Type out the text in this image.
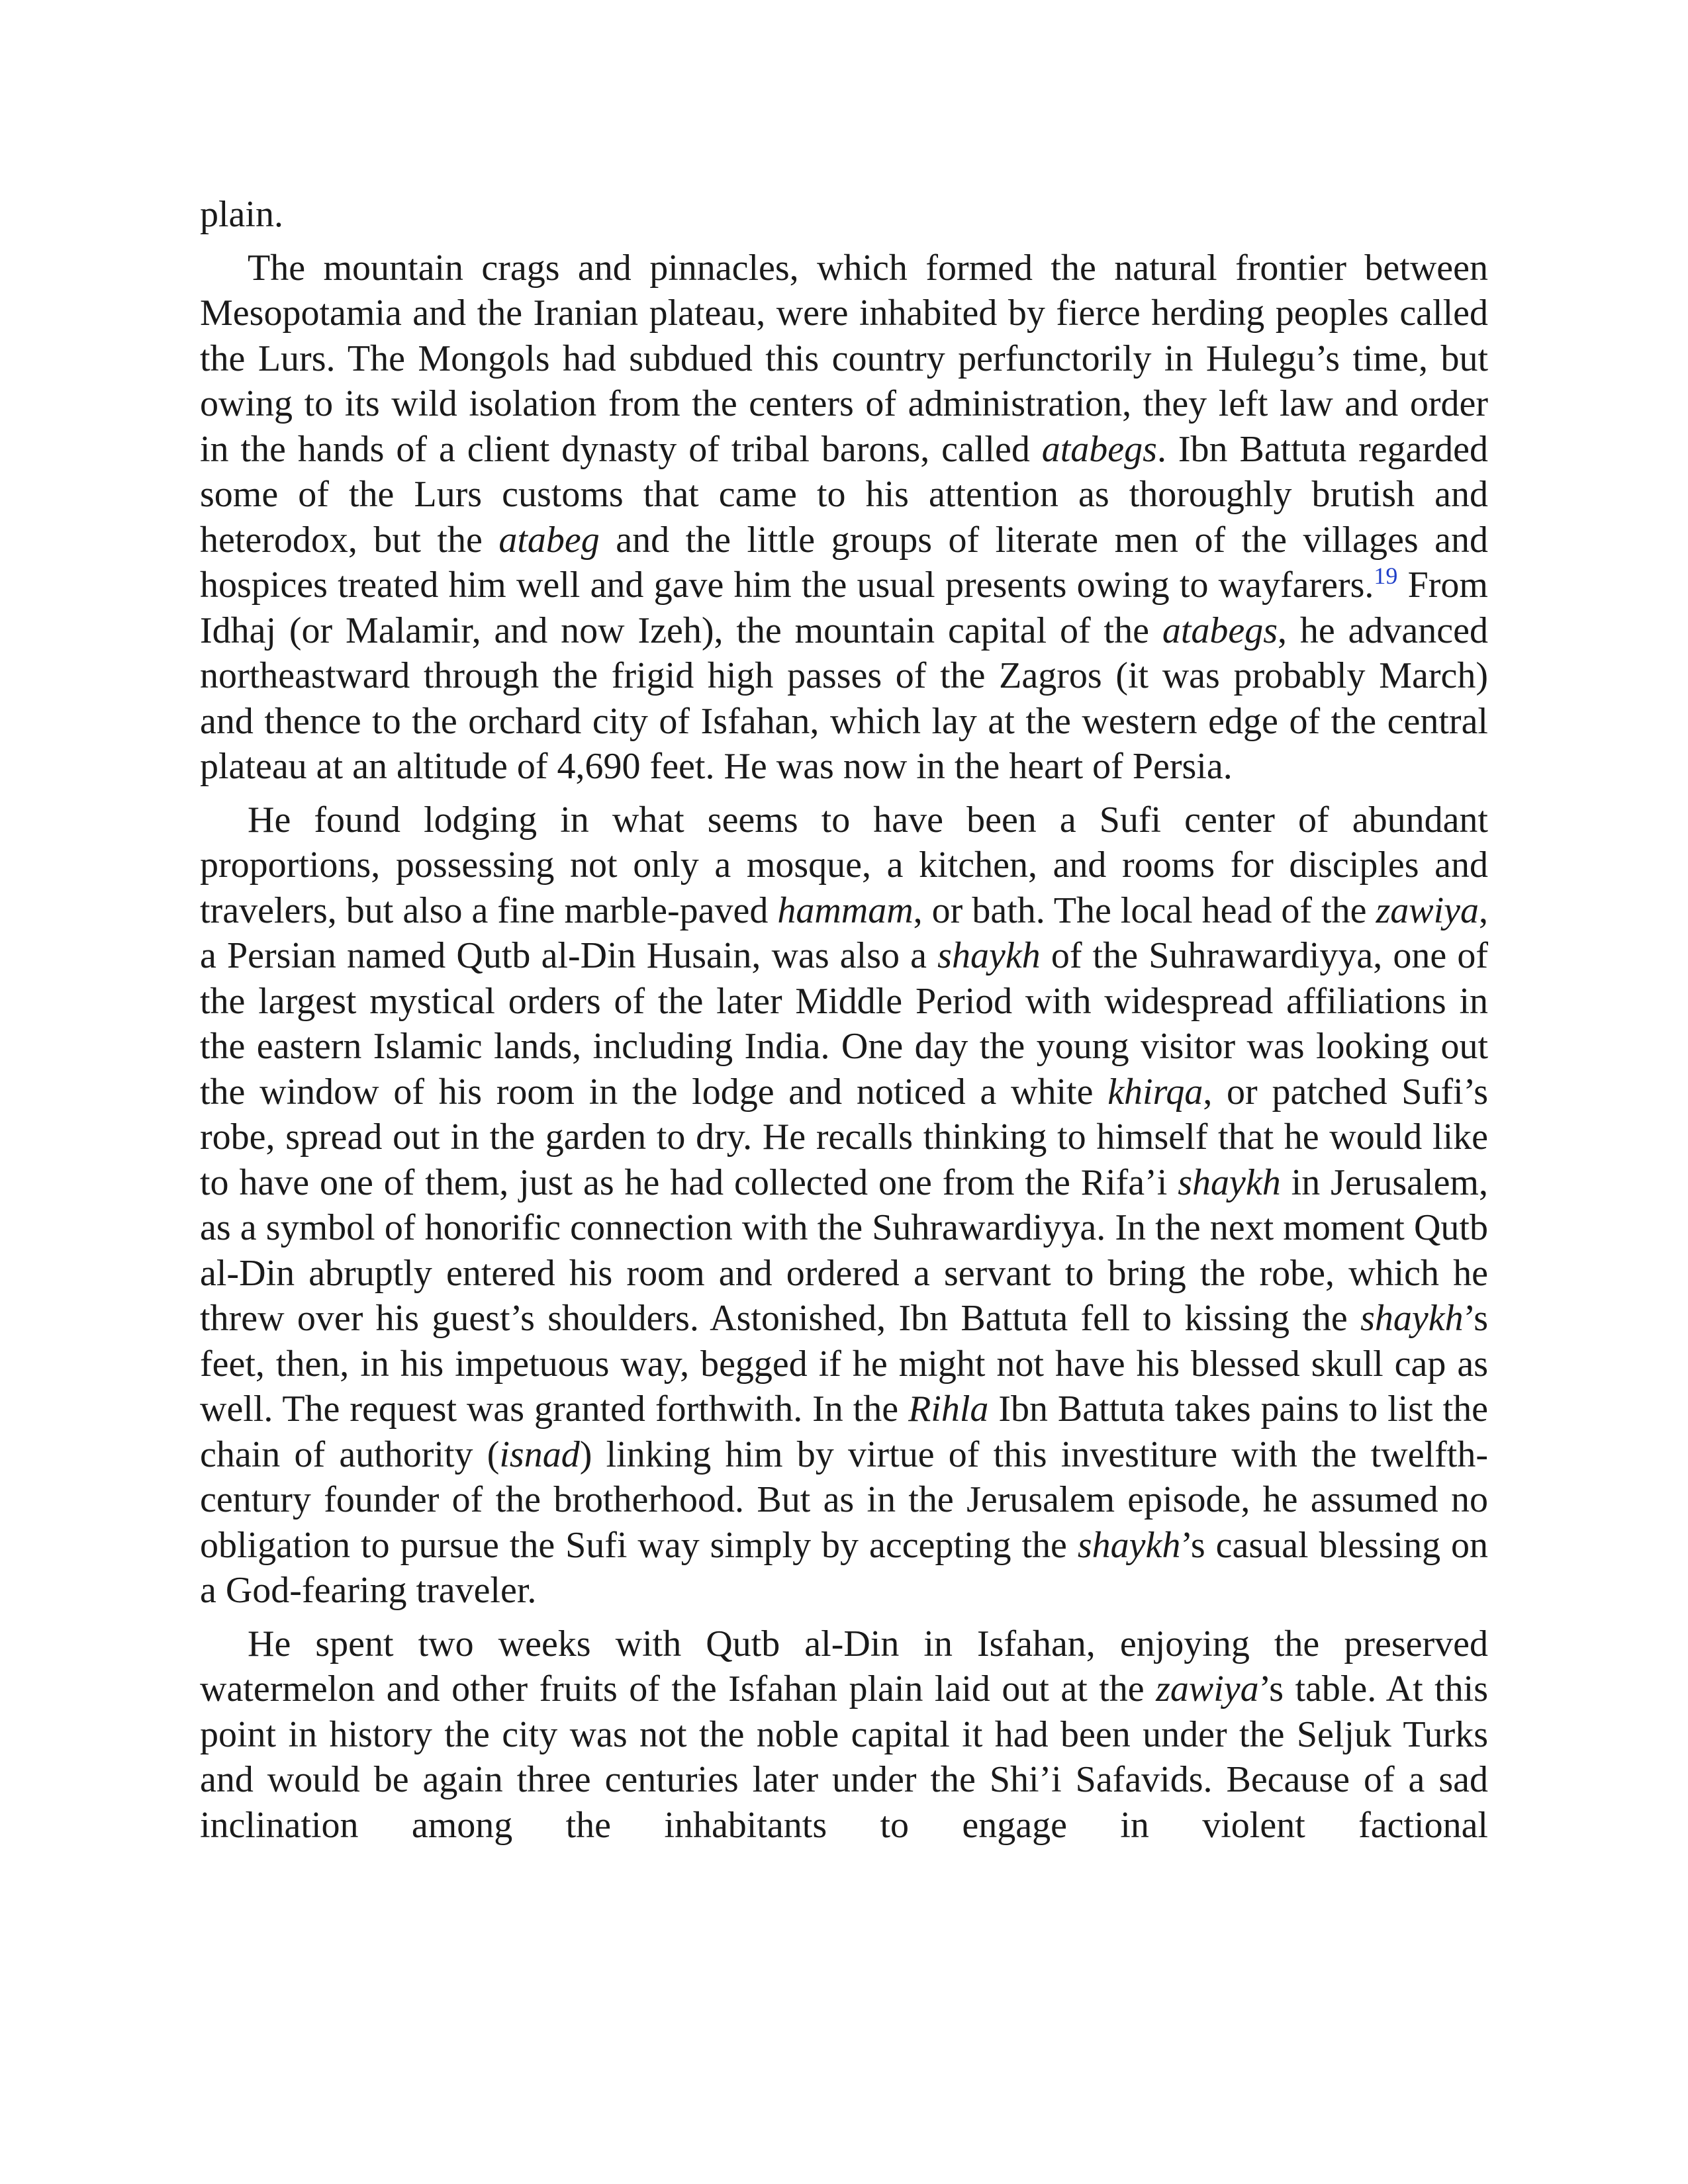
plain.

The mountain crags and pinnacles, which formed the natural frontier between Mesopotamia and the Iranian plateau, were inhabited by fierce herding peoples called the Lurs. The Mongols had subdued this country perfunctorily in Hulegu’s time, but owing to its wild isolation from the centers of administration, they left law and order in the hands of a client dynasty of tribal barons, called atabegs. Ibn Battuta regarded some of the Lurs customs that came to his attention as thoroughly brutish and heterodox, but the atabeg and the little groups of literate men of the villages and hospices treated him well and gave him the usual presents owing to wayfarers.$^{19}$ From Idhaj (or Malamir, and now Izeh), the mountain capital of the atabegs, he advanced northeastward through the frigid high passes of the Zagros (it was probably March) and thence to the orchard city of Isfahan, which lay at the western edge of the central plateau at an altitude of 4,690 feet. He was now in the heart of Persia.

He found lodging in what seems to have been a Sufi center of abundant proportions, possessing not only a mosque, a kitchen, and rooms for disciples and travelers, but also a fine marble-paved hammam, or bath. The local head of the zawiya, a Persian named Qutb al-Din Husain, was also a shaykh of the Suhrawardiyya, one of the largest mystical orders of the later Middle Period with widespread affiliations in the eastern Islamic lands, including India. One day the young visitor was looking out the window of his room in the lodge and noticed a white khirqa, or patched Sufi’s robe, spread out in the garden to dry. He recalls thinking to himself that he would like to have one of them, just as he had collected one from the Rifa’i shaykh in Jerusalem, as a symbol of honorific connection with the Suhrawardiyya. In the next moment Qutb al-Din abruptly entered his room and ordered a servant to bring the robe, which he threw over his guest’s shoulders. Astonished, Ibn Battuta fell to kissing the shaykh’s feet, then, in his impetuous way, begged if he might not have his blessed skull cap as well. The request was granted forthwith. In the Rihla Ibn Battuta takes pains to list the chain of authority (isnad) linking him by virtue of this investiture with the twelfth-century founder of the brotherhood. But as in the Jerusalem episode, he assumed no obligation to pursue the Sufi way simply by accepting the shaykh’s casual blessing on a God-fearing traveler.

He spent two weeks with Qutb al-Din in Isfahan, enjoying the preserved watermelon and other fruits of the Isfahan plain laid out at the zawiya’s table. At this point in history the city was not the noble capital it had been under the Seljuk Turks and would be again three centuries later under the Shi’i Safavids. Because of a sad inclination among the inhabitants to engage in violent factional
